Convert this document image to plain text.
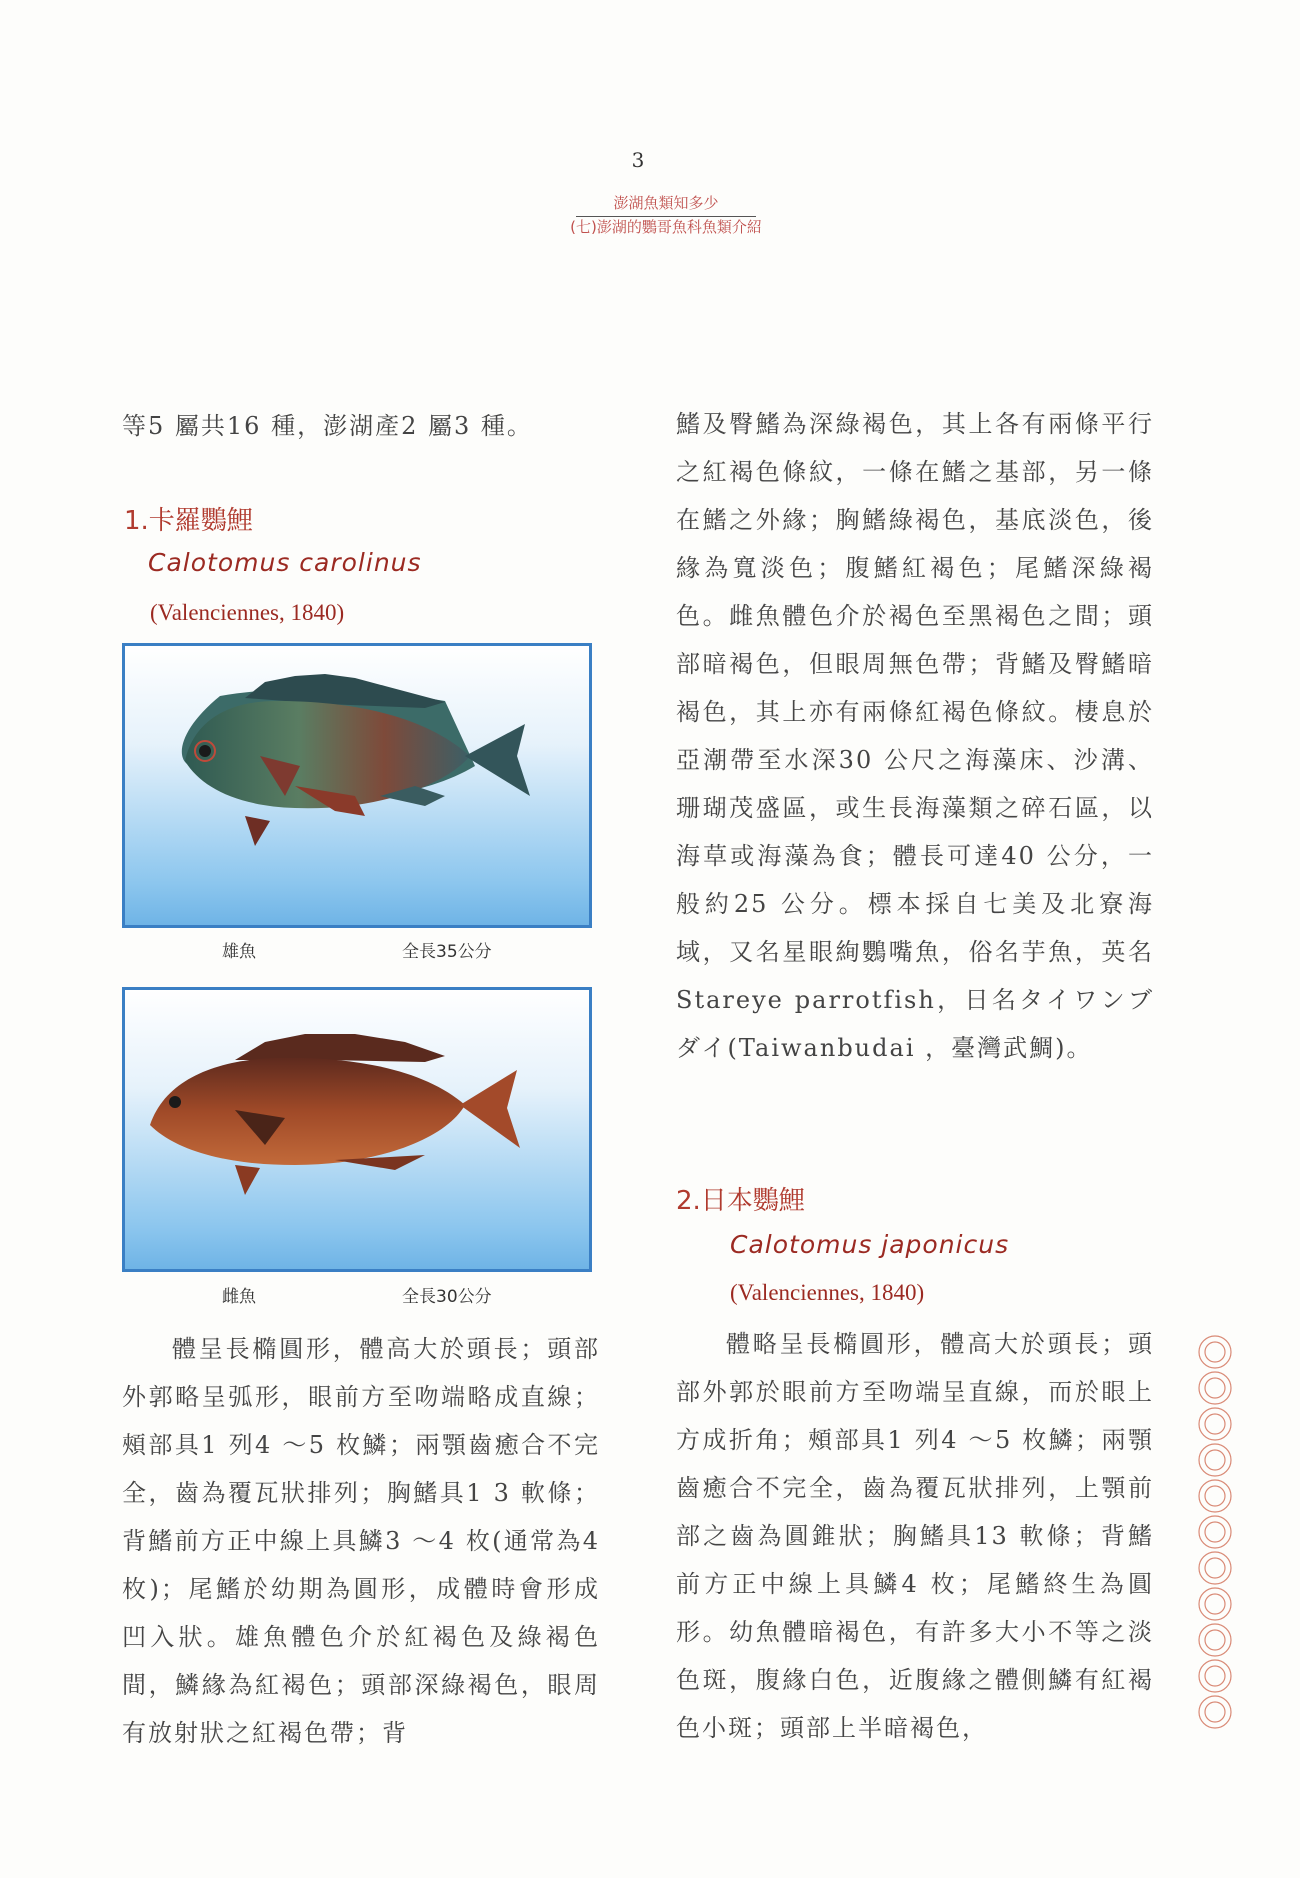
3
澎湖魚類知多少
(七)澎湖的鸚哥魚科魚類介紹

等5 屬共16 種，澎湖產2 屬3 種。

1.卡羅鸚鯉
Calotomus carolinus
(Valenciennes, 1840)
雄魚	全長35公分
雌魚	全長30公分

體呈長橢圓形，體高大於頭長；頭部外郭略呈弧形，眼前方至吻端略成直線；頰部具1 列4 ～5 枚鱗；兩顎齒癒合不完全，齒為覆瓦狀排列；胸鰭具1 3 軟條；背鰭前方正中線上具鱗3 ～4 枚(通常為4 枚)；尾鰭於幼期為圓形，成體時會形成凹入狀。雄魚體色介於紅褐色及綠褐色間，鱗緣為紅褐色；頭部深綠褐色，眼周有放射狀之紅褐色帶；背

鰭及臀鰭為深綠褐色，其上各有兩條平行之紅褐色條紋，一條在鰭之基部，另一條在鰭之外緣；胸鰭綠褐色，基底淡色，後緣為寬淡色；腹鰭紅褐色；尾鰭深綠褐色。雌魚體色介於褐色至黑褐色之間；頭部暗褐色，但眼周無色帶；背鰭及臀鰭暗褐色，其上亦有兩條紅褐色條紋。棲息於亞潮帶至水深30 公尺之海藻床、沙溝、珊瑚茂盛區，或生長海藻類之碎石區，以海草或海藻為食；體長可達40 公分，一般約25 公分。標本採自七美及北寮海域，又名星眼絢鸚嘴魚，俗名芋魚，英名Stareye parrotfish，日名タイワンブダイ(Taiwanbudai ，臺灣武鯛)。

2.日本鸚鯉
Calotomus japonicus
(Valenciennes, 1840)

體略呈長橢圓形，體高大於頭長；頭部外郭於眼前方至吻端呈直線，而於眼上方成折角；頰部具1 列4 ～5 枚鱗；兩顎齒癒合不完全，齒為覆瓦狀排列，上顎前部之齒為圓錐狀；胸鰭具13 軟條；背鰭前方正中線上具鱗4 枚；尾鰭終生為圓形。幼魚體暗褐色，有許多大小不等之淡色斑，腹緣白色，近腹緣之體側鱗有紅褐色小斑；頭部上半暗褐色，
